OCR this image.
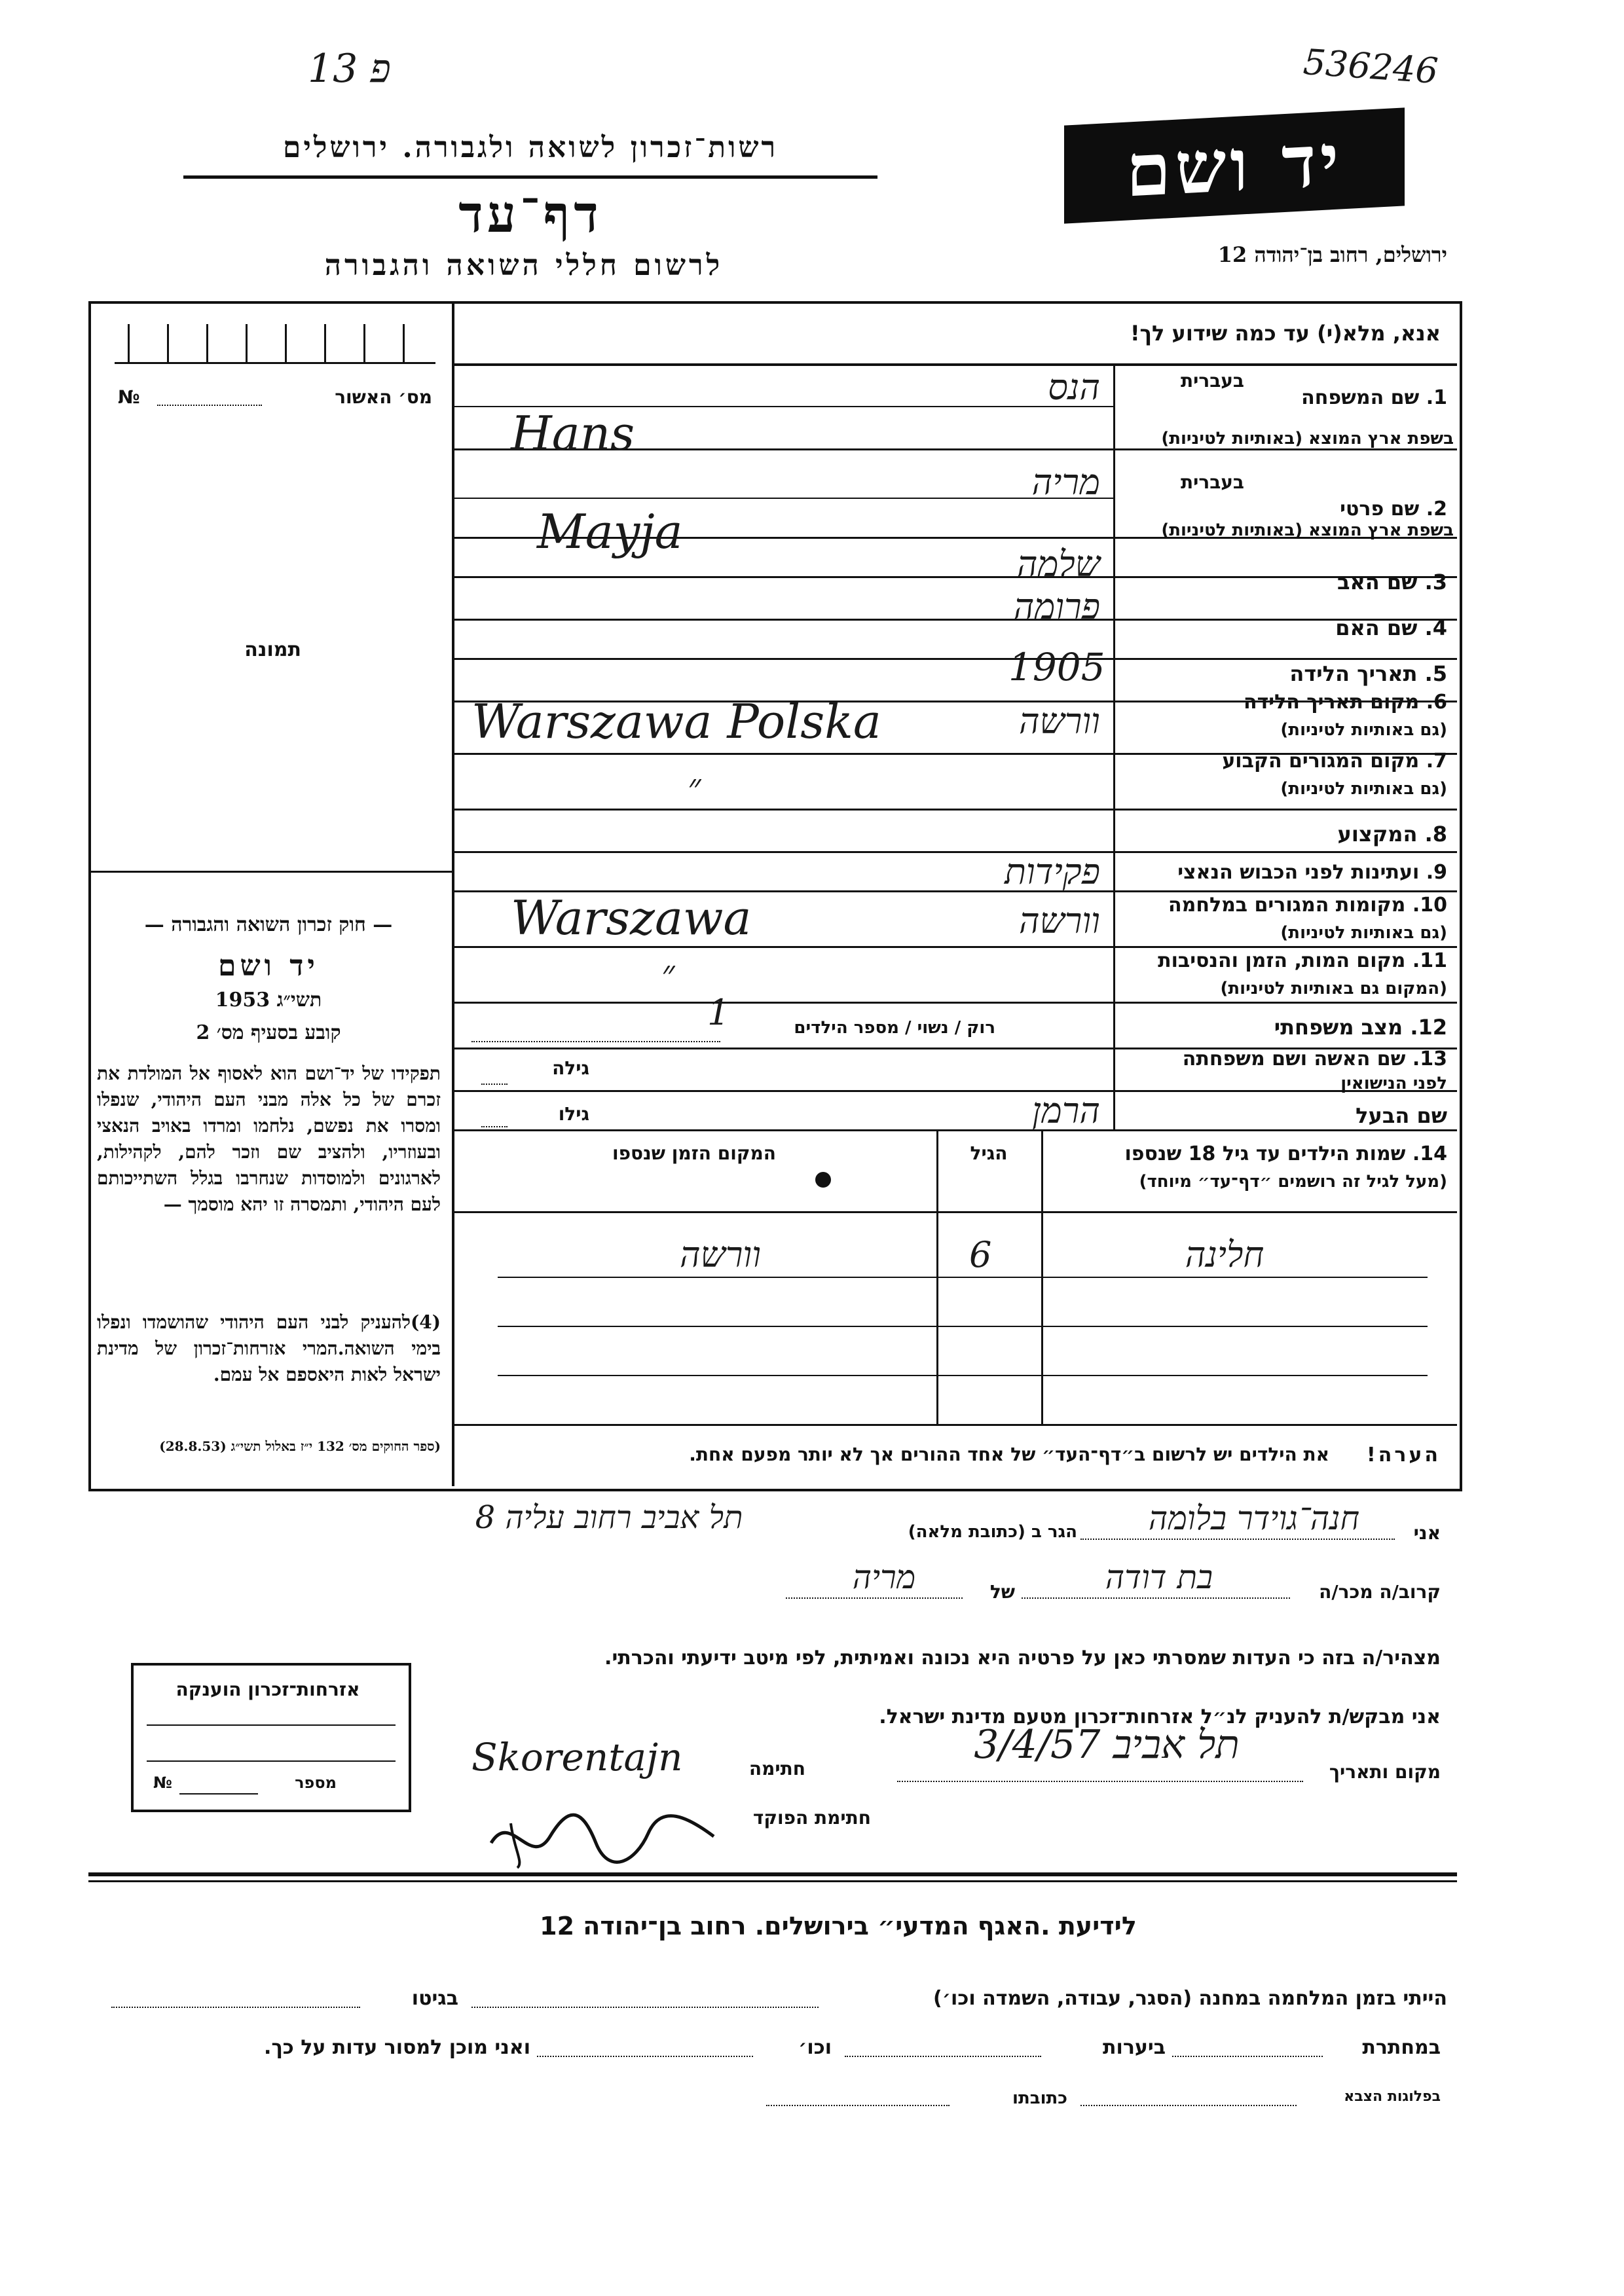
פ 13	536246
רשות־זכרון לשואה ולגבורה. ירושלים
דף־עד
לרשום חללי השואה והגבורה
יד ושם
ירושלים, רחוב בן־יהודה 12
מס׳ האשור
№
תמונה
— חוק זכרון השואה והגבורה —
יד ושם
תשי״ג 1953
קובע בסעיף מס׳ 2
תפקידו של יד־ושם הוא לאסוף אל המולדת את זכרם של כל אלה מבני העם היהודי, שנפלו ומסרו את נפשם, נלחמו ומרדו באויב הנאצי ובעוזריו, ולהציב שם וזכר להם, לקהילות, לארגונים ולמוסדות שנחרבו בגלל השתייכותם לעם היהודי, ותמסרה זו יהא מוסמך —
(4)להעניק לבני העם היהודי שהושמדו ונפלו בימי השואה.המרי אזרחות־זכרון של מדינת ישראל לאות היאספם אל עמם.
(ספר החוקים מס׳ 132 י״ז באלול תשי״ג (28.8.53)
אנא, מלא(י) עד כמה שידוע לך!
1. שם המשפחה
בשפת ארץ המוצא (באותיות לטיניות)
בעברית
הנס
Hans
2. שם פרטי
בשפת ארץ המוצא (באותיות לטיניות)
בעברית
מריה
Mayja
3. שם האב
שלמה
4. שם האם
פרומה
5. תאריך הלידה
1905
6. מקום תאריך הלידה
(גם באותיות לטיניות)
וורשה
Warszawa Polska
7. מקום המגורים הקבוע
(גם באותיות לטיניות)
״
8. המקצוע
9. ועתינות לפני הכבוש הנאצי
פקידות
10. מקומות המגורים במלחמה
(גם באותיות לטיניות)
וורשה
Warszawa
11. מקום המות, הזמן והנסיבות
(המקום גם באותיות לטיניות)
״
12. מצב משפחתי
רוק / נשוי / מספר הילדים
1
13. שם האשה ושם משפחתה
לפני הנישואין
גילה
שם הבעל
גילו	הרמן
14. שמות הילדים עד גיל 18 שנספו
(מעל לגיל זה רושמים ״דף־עד״ מיוחד)
הגיל
המקום הזמן שנספו
חלינה
6
וורשה
הערה!
את הילדים יש לרשום ב״דף־העד״ של אחד ההורים אך לא יותר מפעם אחת.
אני
חנה־גוידר בלומה
הגר ב (כתובת מלאה)
תל אביב רחוב עליה 8
קרוב/ה מכר/ה
בת דודה
של
מריה
מצהיר/ה בזה כי העדות שמסרתי כאן על פרטיה היא נכונה ואמיתית, לפי מיטב ידיעתי והכרתי.
אני מבקש/ת להעניק לנ״ל אזרחות־זכרון מטעם מדינת ישראל.
מקום ותאריך
תל אביב 3/4/57
חתימה
Skorentajn
חתימת הפוקד
אזרחות־זכרון הוענקה
מספר
№
לידיעת .האגף המדעי״ בירושלים. רחוב בן־יהודה 12
הייתי בזמן המלחמה במחנה (הסגר, עבודה, השמדה וכו׳)
בגיטו
במחתרת
ביערות
וכו׳
ואני מוכן למסור עדות על כך.
בפלוגות הצבא
כתובתו
